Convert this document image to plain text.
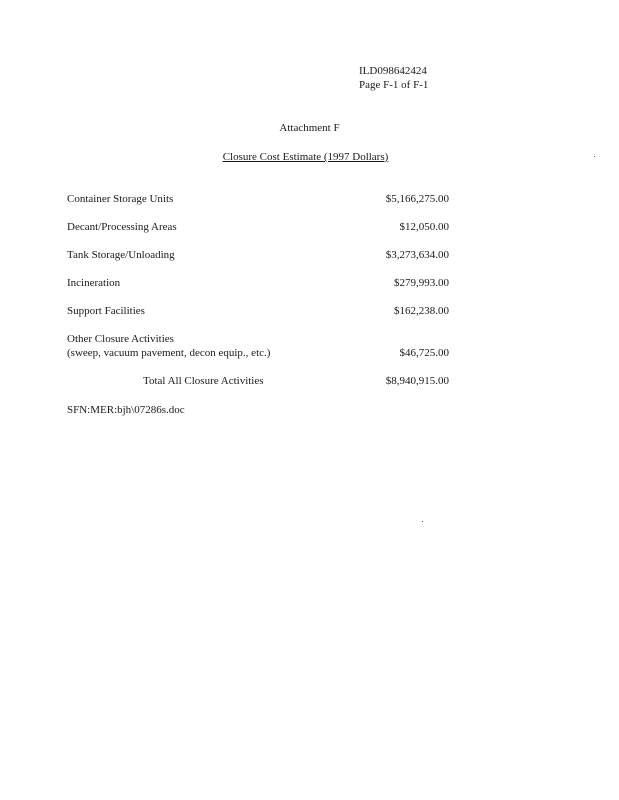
ILD098642424
Page F-1 of F-1
Attachment F
Closure Cost Estimate (1997 Dollars)
Container Storage Units	$5,166,275.00
Decant/Processing Areas	$12,050.00
Tank Storage/Unloading	$3,273,634.00
Incineration	$279,993.00
Support Facilities	$162,238.00
Other Closure Activities
(sweep, vacuum pavement, decon equip., etc.)	$46,725.00
Total All Closure Activities	$8,940,915.00
SFN:MER:bjh\07286s.doc
